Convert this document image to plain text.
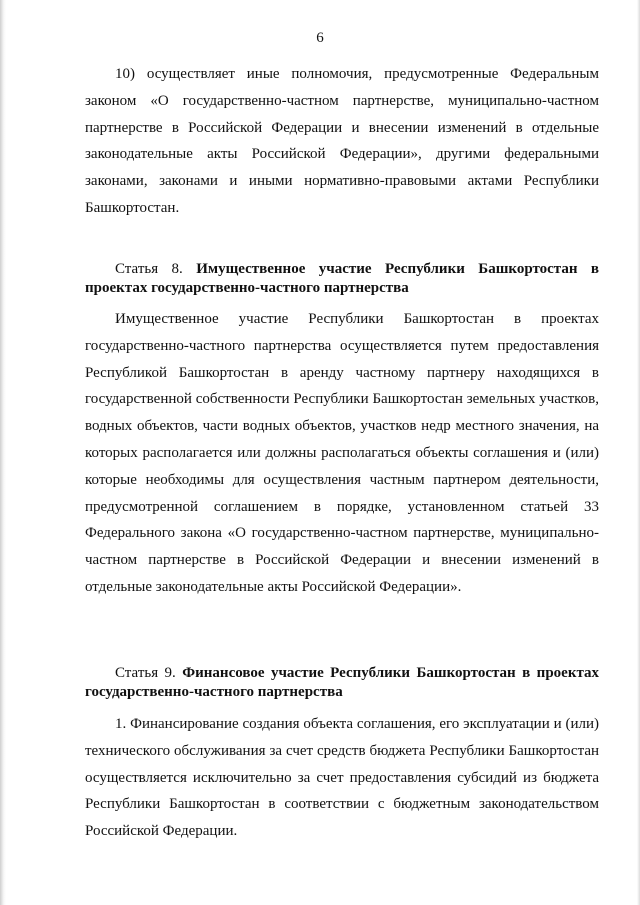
6

10) осуществляет иные полномочия, предусмотренные Федеральным законом «О государственно-частном партнерстве, муниципально-частном партнерстве в Российской Федерации и внесении изменений в отдельные законодательные акты Российской Федерации», другими федеральными законами, законами и иными нормативно-правовыми актами Республики Башкортостан.

Статья 8. Имущественное участие Республики Башкортостан в проектах государственно-частного партнерства

Имущественное участие Республики Башкортостан в проектах государственно-частного партнерства осуществляется путем предоставления Республикой Башкортостан в аренду частному партнеру находящихся в государственной собственности Республики Башкортостан земельных участков, водных объектов, части водных объектов, участков недр местного значения, на которых располагается или должны располагаться объекты соглашения и (или) которые необходимы для осуществления частным партнером деятельности, предусмотренной соглашением в порядке, установленном статьей 33 Федерального закона «О государственно-частном партнерстве, муниципально-частном партнерстве в Российской Федерации и внесении изменений в отдельные законодательные акты Российской Федерации».

Статья 9. Финансовое участие Республики Башкортостан в проектах государственно-частного партнерства

1. Финансирование создания объекта соглашения, его эксплуатации и (или) технического обслуживания за счет средств бюджета Республики Башкортостан осуществляется исключительно за счет предоставления субсидий из бюджета Республики Башкортостан в соответствии с бюджетным законодательством Российской Федерации.
